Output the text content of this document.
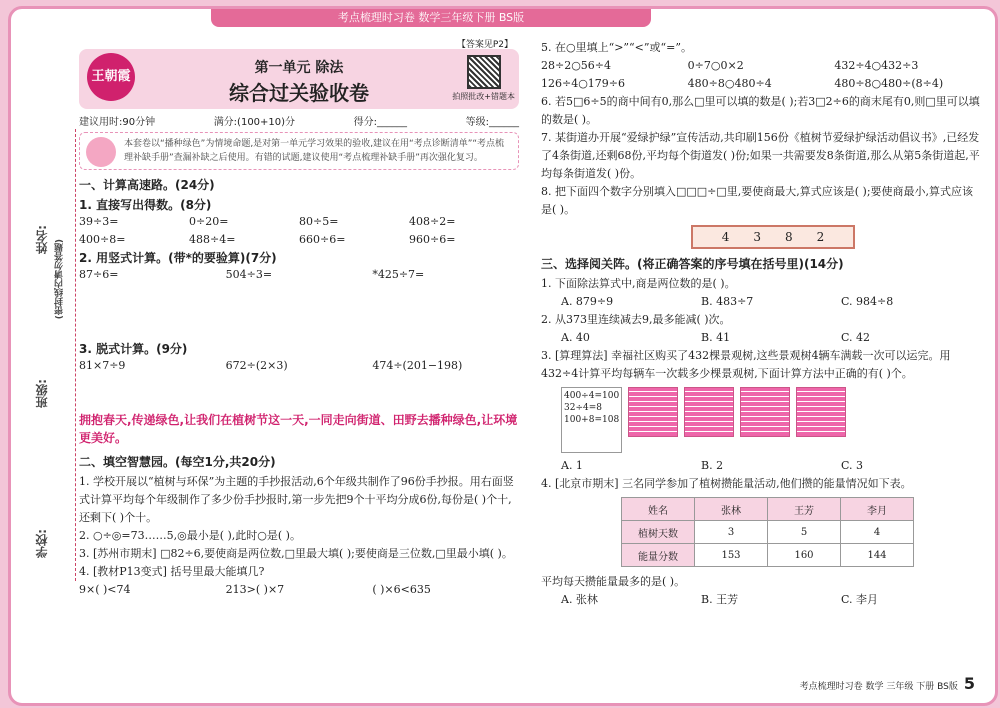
考点梳理时习卷 数学三年级下册 BS版
姓名: (密封线内请勿答题)
班级:
学校:
王朝霞
第一单元 除法
综合过关验收卷
【答案见P2】
拍照批改+错题本
建议用时:90分钟	满分:(100+10)分	得分:______	等级:______
本套卷以“播种绿色”为情境命题,是对第一单元学习效果的验收,建议在用“考点诊断清单”“考点梳理补缺手册”查漏补缺之后使用。有错的试题,建议使用“考点梳理补缺手册”再次强化复习。
一、计算高速路。(24分)
1. 直接写出得数。(8分)
39÷3=	0÷20=	80÷5=	408÷2=
400÷8=	488÷4=	660÷6=	960÷6=
2. 用竖式计算。(带*的要验算)(7分)
87÷6=	504÷3=	*425÷7=
3. 脱式计算。(9分)
81×7÷9	672÷(2×3)	474÷(201−198)
拥抱春天,传递绿色,让我们在植树节这一天,一同走向街道、田野去播种绿色,让环境更美好。
二、填空智慧园。(每空1分,共20分)
1. 学校开展以“植树与环保”为主题的手抄报活动,6个年级共制作了96份手抄报。用右面竖式计算平均每个年级制作了多少份手抄报时,第一步先把9个十平均分成6份,每份是( )个十,还剩下( )个十。
2. ○÷◎=73……5,◎最小是( ),此时○是( )。
3. [苏州市期末] □82÷6,要使商是两位数,□里最大填( );要使商是三位数,□里最小填( )。
4. [教材P13变式] 括号里最大能填几?
9×( )<74	213>( )×7	( )×6<635
5. 在○里填上“>”“<”或“=”。
28÷2○56÷4	0÷7○0×2	432÷4○432÷3
126÷4○179÷6	480÷8○480÷4	480÷8○480÷(8÷4)
6. 若5□6÷5的商中间有0,那么□里可以填的数是( );若3□2÷6的商末尾有0,则□里可以填的数是( )。
7. 某街道办开展“爱绿护绿”宣传活动,共印刷156份《植树节爱绿护绿活动倡议书》,已经发了4条街道,还剩68份,平均每个街道发( )份;如果一共需要发8条街道,那么从第5条街道起,平均每条街道发( )份。
8. 把下面四个数字分别填入□□□÷□里,要使商最大,算式应该是( );要使商最小,算式应该是( )。
4 3 8 2
三、选择阅关阵。(将正确答案的序号填在括号里)(14分)
1. 下面除法算式中,商是两位数的是( )。
A. 879÷9	B. 483÷7	C. 984÷8
2. 从373里连续减去9,最多能减( )次。
A. 40	B. 41	C. 42
3. [算理算法] 幸福社区购买了432棵景观树,这些景观树4辆车满载一次可以运完。用432÷4计算平均每辆车一次载多少棵景观树,下面计算方法中正确的有( )个。
400÷4=100
32÷4=8
100+8=108
A. 1	B. 2	C. 3
4. [北京市期末] 三名同学参加了植树攒能量活动,他们攒的能量情况如下表。
姓名	张林	王芳	李月
植树天数	3	5	4
能量分数	153	160	144
平均每天攒能量最多的是( )。
A. 张林	B. 王芳	C. 李月
考点梳理时习卷 数学 三年级 下册 BS版 5
